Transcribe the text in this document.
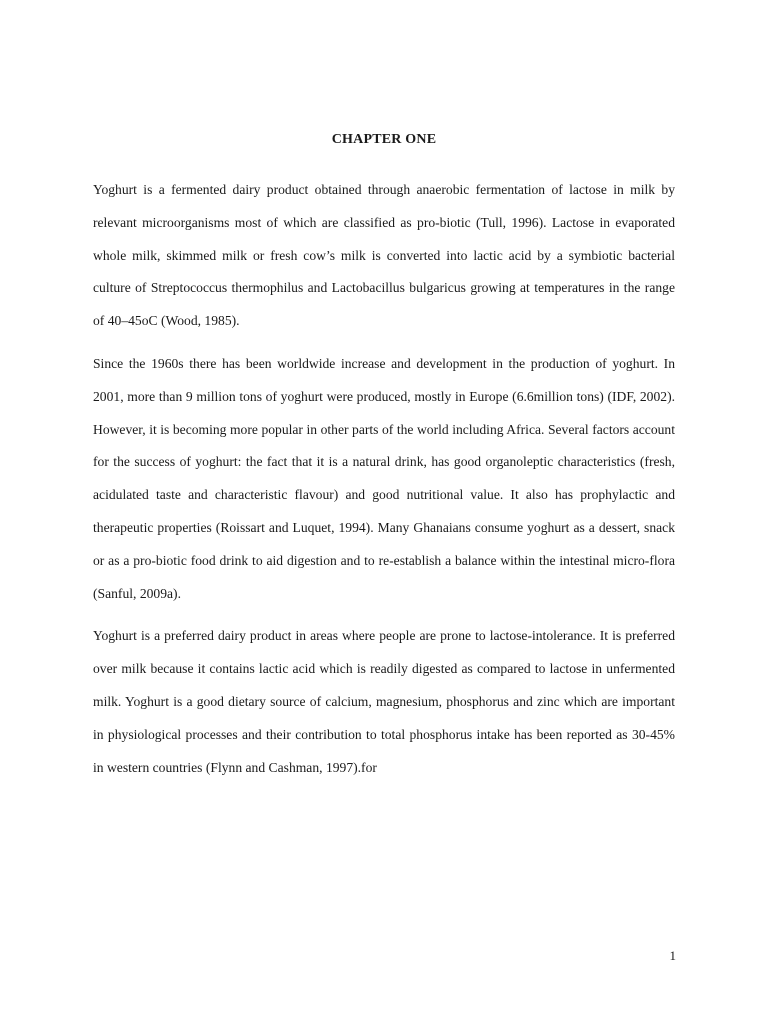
CHAPTER ONE

Yoghurt is a fermented dairy product obtained through anaerobic fermentation of lactose in milk by relevant microorganisms most of which are classified as pro-biotic (Tull, 1996). Lactose in evaporated whole milk, skimmed milk or fresh cow’s milk is converted into lactic acid by a symbiotic bacterial culture of Streptococcus thermophilus and Lactobacillus bulgaricus growing at temperatures in the range of 40–45oC (Wood, 1985).

Since the 1960s there has been worldwide increase and development in the production of yoghurt. In 2001, more than 9 million tons of yoghurt were produced, mostly in Europe (6.6million tons) (IDF, 2002). However, it is becoming more popular in other parts of the world including Africa. Several factors account for the success of yoghurt: the fact that it is a natural drink, has good organoleptic characteristics (fresh, acidulated taste and characteristic flavour) and good nutritional value. It also has prophylactic and therapeutic properties (Roissart and Luquet, 1994). Many Ghanaians consume yoghurt as a dessert, snack or as a pro-biotic food drink to aid digestion and to re-establish a balance within the intestinal micro-flora (Sanful, 2009a).

Yoghurt is a preferred dairy product in areas where people are prone to lactose-intolerance. It is preferred over milk because it contains lactic acid which is readily digested as compared to lactose in unfermented milk. Yoghurt is a good dietary source of calcium, magnesium, phosphorus and zinc which are important in physiological processes and their contribution to total phosphorus intake has been reported as 30-45% in western countries (Flynn and Cashman, 1997).for

1
